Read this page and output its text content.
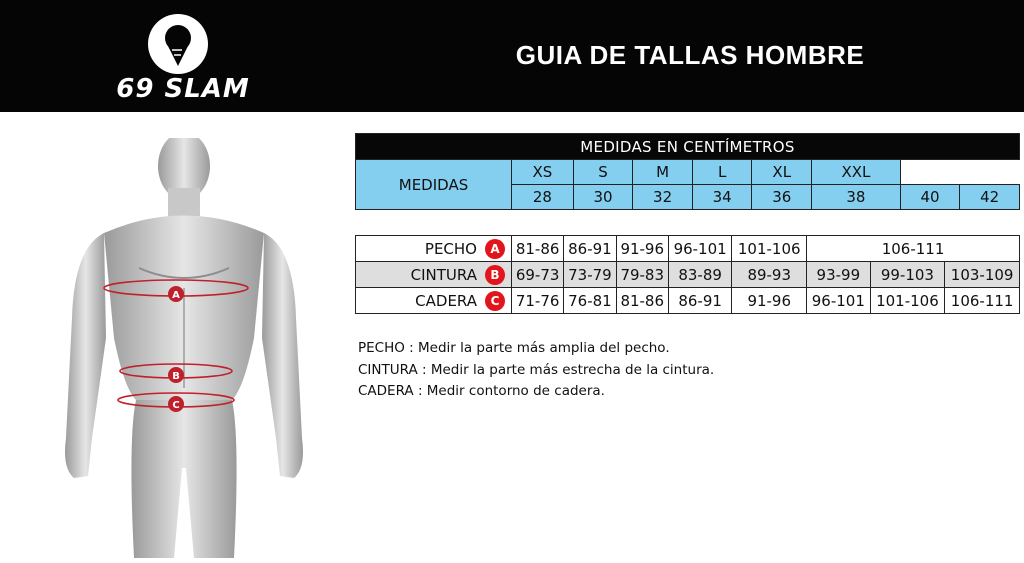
69 SLAM
GUIA DE TALLAS HOMBRE
A
B
C
MEDIDAS EN CENTÍMETROS								
MEDIDAS	XS	S	M	L	XL	XXL		
	28	30	32	34	36	38	40	42
PECHO A	81-86	86-91	91-96	96-101	101-106	106-111		
CINTURA B	69-73	73-79	79-83	83-89	89-93	93-99	99-103	103-109
CADERA C	71-76	76-81	81-86	86-91	91-96	96-101	101-106	106-111
PECHO : Medir la parte más amplia del pecho.
CINTURA : Medir la parte más estrecha de la cintura.
CADERA : Medir contorno de cadera.
